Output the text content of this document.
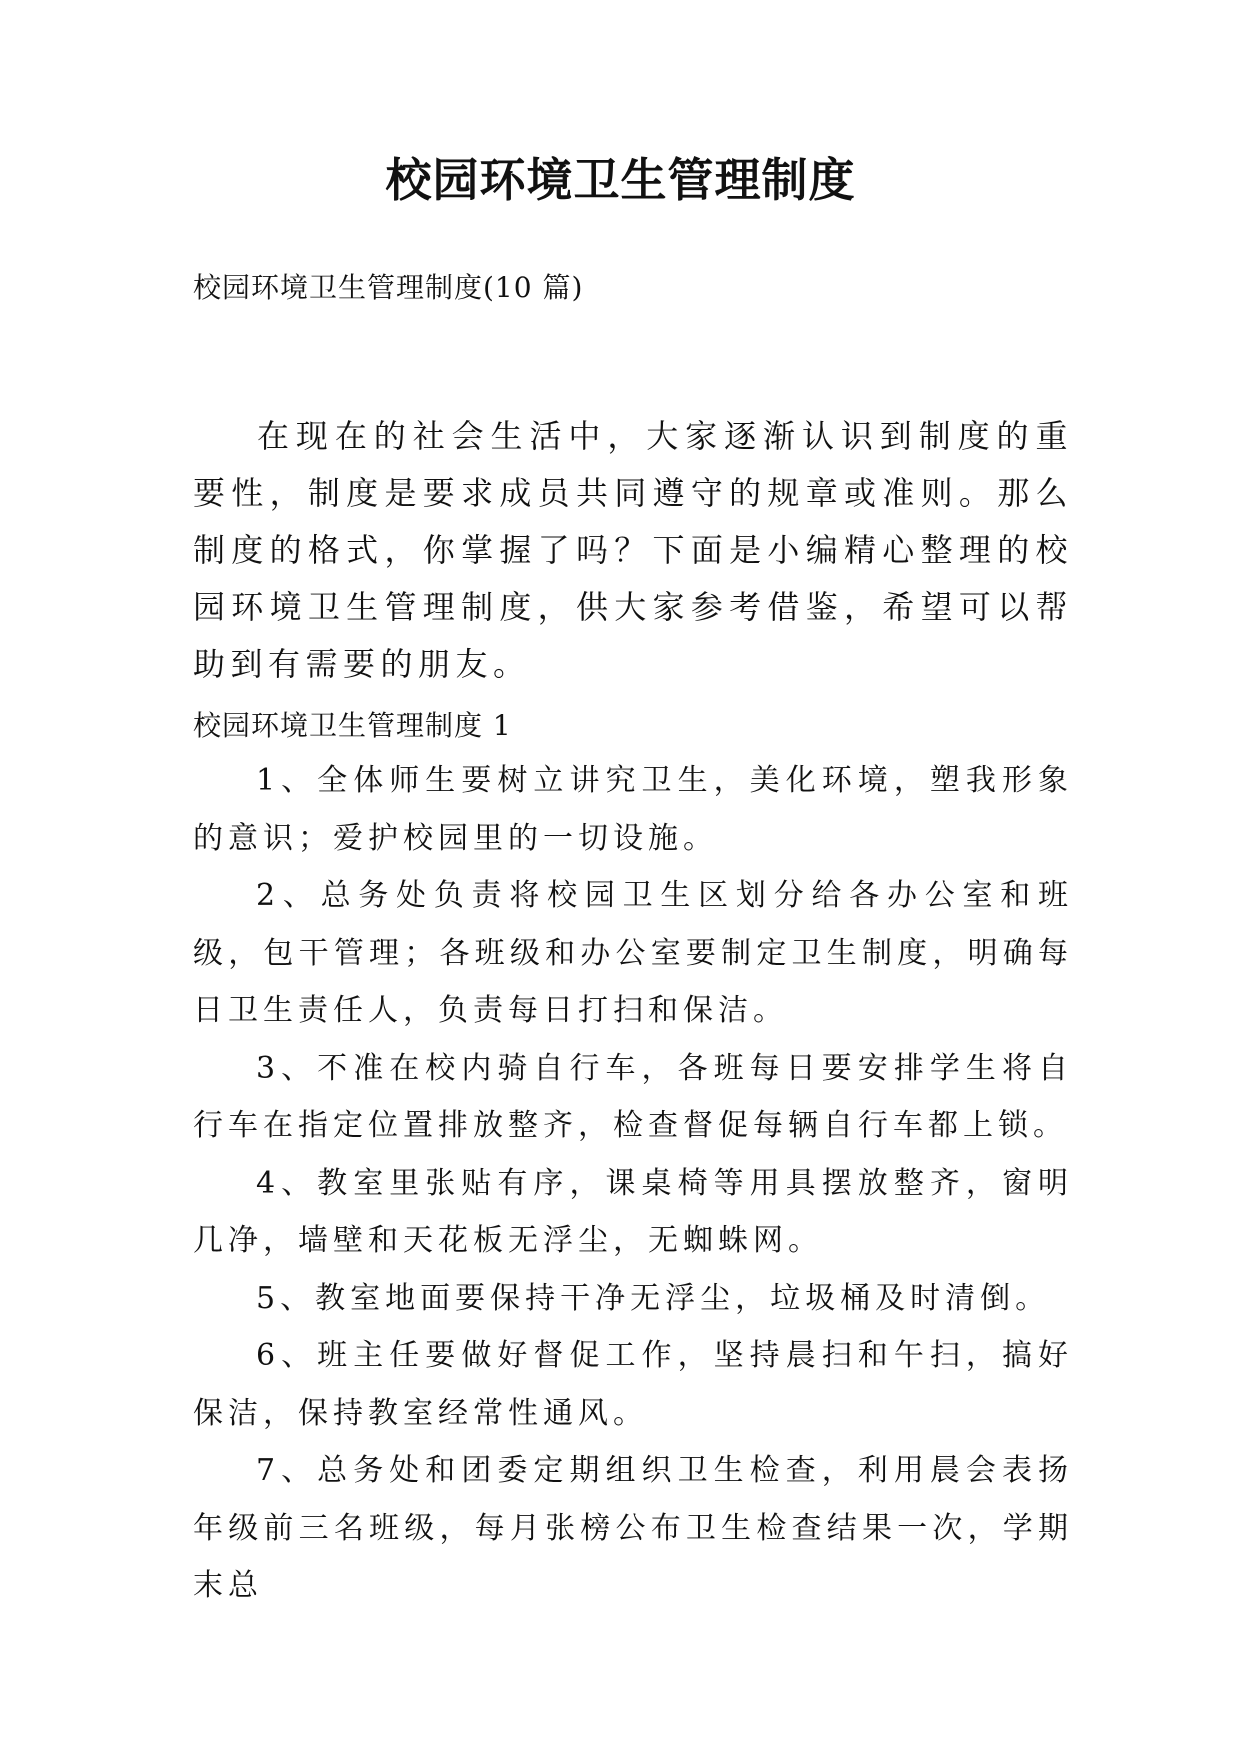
校园环境卫生管理制度
校园环境卫生管理制度(10 篇)

在现在的社会生活中，大家逐渐认识到制度的重要性，制度是要求成员共同遵守的规章或准则。那么制度的格式，你掌握了吗？下面是小编精心整理的校园环境卫生管理制度，供大家参考借鉴，希望可以帮助到有需要的朋友。

校园环境卫生管理制度 1
1、全体师生要树立讲究卫生，美化环境，塑我形象的意识；爱护校园里的一切设施。
2、总务处负责将校园卫生区划分给各办公室和班级，包干管理；各班级和办公室要制定卫生制度，明确每日卫生责任人，负责每日打扫和保洁。
3、不准在校内骑自行车，各班每日要安排学生将自行车在指定位置排放整齐，检查督促每辆自行车都上锁。
4、教室里张贴有序，课桌椅等用具摆放整齐，窗明几净，墙壁和天花板无浮尘，无蜘蛛网。
5、教室地面要保持干净无浮尘，垃圾桶及时清倒。
6、班主任要做好督促工作，坚持晨扫和午扫，搞好保洁，保持教室经常性通风。
7、总务处和团委定期组织卫生检查，利用晨会表扬年级前三名班级，每月张榜公布卫生检查结果一次，学期末总
